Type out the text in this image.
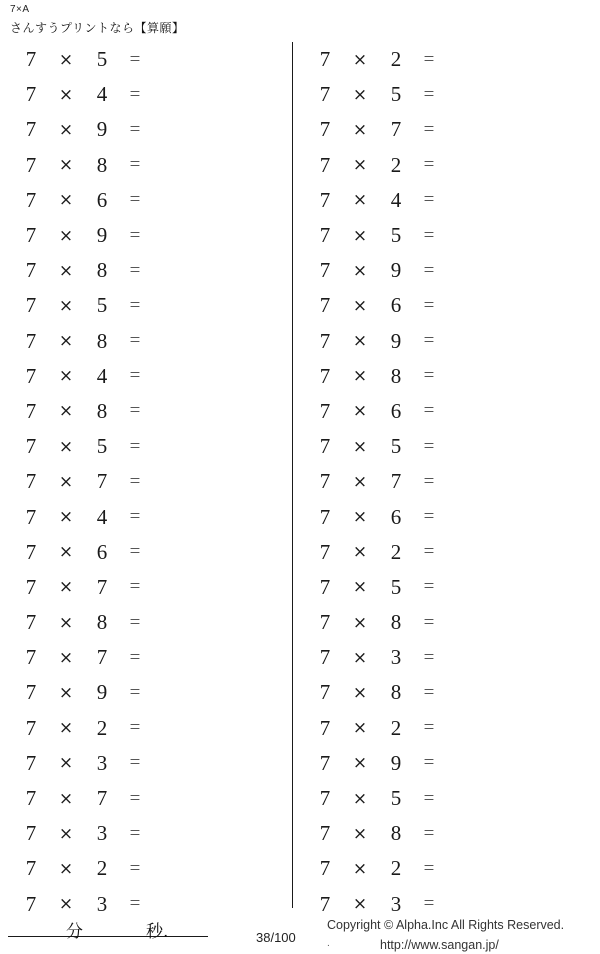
7×A
さんすうプリントなら【算願】
7	×	5	=
7	×	4	=
7	×	9	=
7	×	8	=
7	×	6	=
7	×	9	=
7	×	8	=
7	×	5	=
7	×	8	=
7	×	4	=
7	×	8	=
7	×	5	=
7	×	7	=
7	×	4	=
7	×	6	=
7	×	7	=
7	×	8	=
7	×	7	=
7	×	9	=
7	×	2	=
7	×	3	=
7	×	7	=
7	×	3	=
7	×	2	=
7	×	3	=
7	×	2	=
7	×	5	=
7	×	7	=
7	×	2	=
7	×	4	=
7	×	5	=
7	×	9	=
7	×	6	=
7	×	9	=
7	×	8	=
7	×	6	=
7	×	5	=
7	×	7	=
7	×	6	=
7	×	2	=
7	×	5	=
7	×	8	=
7	×	3	=
7	×	8	=
7	×	2	=
7	×	9	=
7	×	5	=
7	×	8	=
7	×	2	=
7	×	3	=
分	秒.	38/100
Copyright © Alpha.Inc All Rights Reserved.
.	http://www.sangan.jp/
